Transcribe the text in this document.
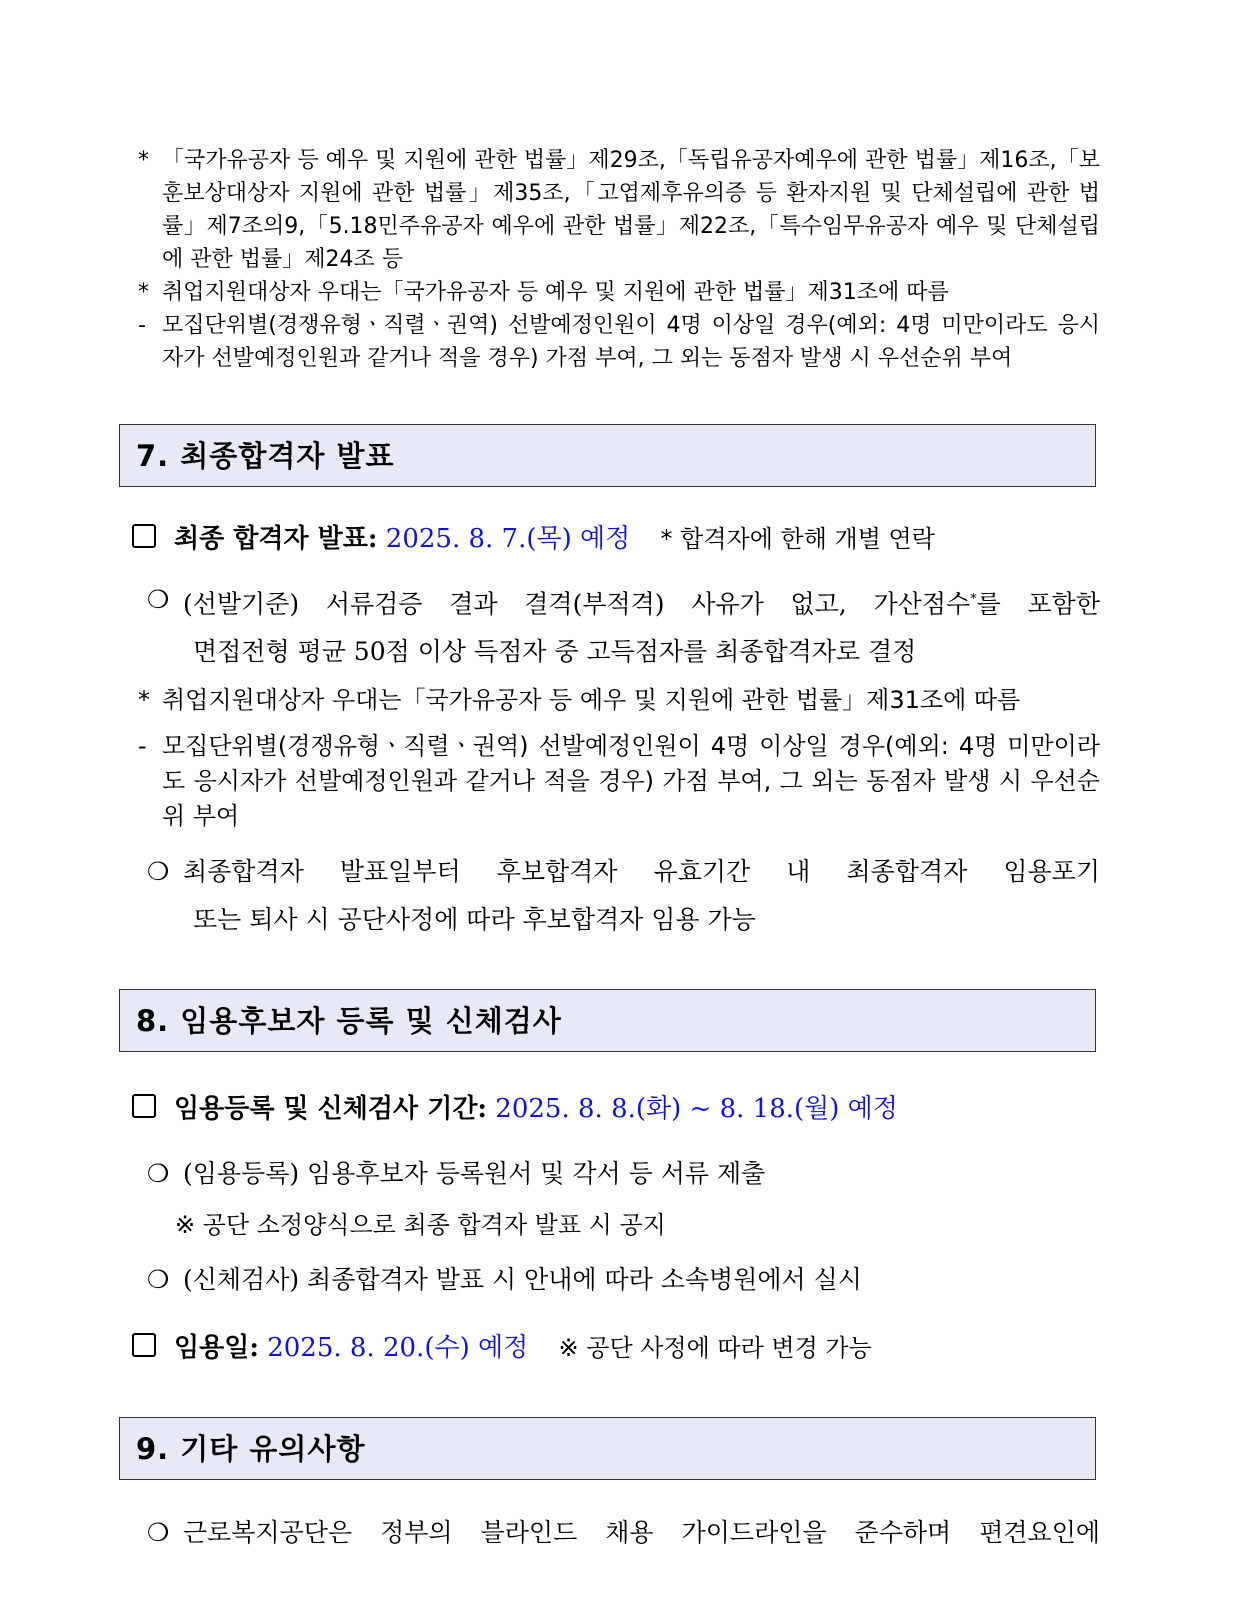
* 「국가유공자 등 예우 및 지원에 관한 법률」제29조,「독립유공자예우에 관한 법률」제16조,「보훈보상대상자 지원에 관한 법률」제35조,「고엽제후유의증 등 환자지원 및 단체설립에 관한 법률」제7조의9,「5.18민주유공자 예우에 관한 법률」제22조,「특수임무유공자 예우 및 단체설립에 관한 법률」제24조 등
* 취업지원대상자 우대는「국가유공자 등 예우 및 지원에 관한 법률」제31조에 따름
- 모집단위별(경쟁유형ㆍ직렬ㆍ권역) 선발예정인원이 4명 이상일 경우(예외: 4명 미만이라도 응시자가 선발예정인원과 같거나 적을 경우) 가점 부여, 그 외는 동점자 발생 시 우선순위 부여
7. 최종합격자 발표
최종 합격자 발표: 2025. 8. 7.(목) 예정 * 합격자에 한해 개별 연락
❍ (선발기준) 서류검증 결과 결격(부적격) 사유가 없고, 가산점수*를 포함한
면접전형 평균 50점 이상 득점자 중 고득점자를 최종합격자로 결정
* 취업지원대상자 우대는「국가유공자 등 예우 및 지원에 관한 법률」제31조에 따름
- 모집단위별(경쟁유형ㆍ직렬ㆍ권역) 선발예정인원이 4명 이상일 경우(예외: 4명 미만이라도 응시자가 선발예정인원과 같거나 적을 경우) 가점 부여, 그 외는 동점자 발생 시 우선순위 부여
❍ 최종합격자 발표일부터 후보합격자 유효기간 내 최종합격자 임용포기
또는 퇴사 시 공단사정에 따라 후보합격자 임용 가능
8. 임용후보자 등록 및 신체검사
임용등록 및 신체검사 기간: 2025. 8. 8.(화) ~ 8. 18.(월) 예정
❍ (임용등록) 임용후보자 등록원서 및 각서 등 서류 제출
※ 공단 소정양식으로 최종 합격자 발표 시 공지
❍ (신체검사) 최종합격자 발표 시 안내에 따라 소속병원에서 실시
임용일: 2025. 8. 20.(수) 예정 ※ 공단 사정에 따라 변경 가능
9. 기타 유의사항
❍ 근로복지공단은 정부의 블라인드 채용 가이드라인을 준수하며 편견요인에
